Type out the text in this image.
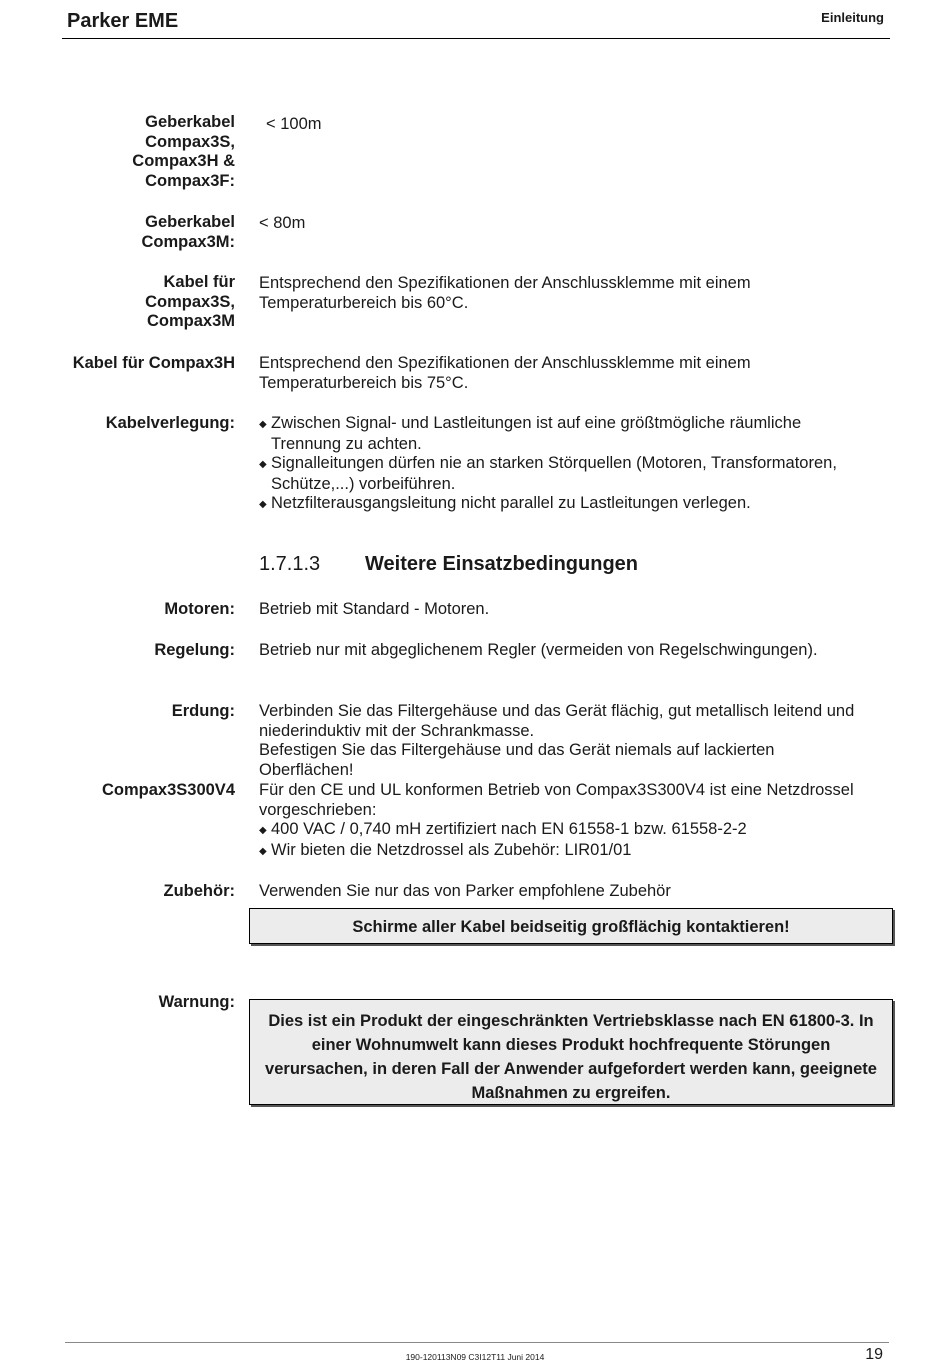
Parker EME	Einleitung
Geberkabel Compax3S, Compax3H & Compax3F:
< 100m
Geberkabel Compax3M:
< 80m
Kabel für Compax3S, Compax3M
Entsprechend den Spezifikationen der Anschlussklemme mit einem Temperaturbereich bis 60°C.
Kabel für Compax3H Entsprechend den Spezifikationen der Anschlussklemme mit einem Temperaturbereich bis 75°C.
Kabelverlegung:
◆	Zwischen Signal- und Lastleitungen ist auf eine größtmögliche räumliche Trennung zu achten.
◆ Signalleitungen dürfen nie an starken Störquellen (Motoren, Transformatoren, Schütze,...) vorbeiführen.
◆ Netzfilterausgangsleitung nicht parallel zu Lastleitungen verlegen.
1.7.1.3 Weitere Einsatzbedingungen
Motoren: Betrieb mit Standard - Motoren.
Regelung: Betrieb nur mit abgeglichenem Regler (vermeiden von Regelschwingungen).
Erdung: Verbinden Sie das Filtergehäuse und das Gerät flächig, gut metallisch leitend und niederinduktiv mit der Schrankmasse.
Befestigen Sie das Filtergehäuse und das Gerät niemals auf lackierten Oberflächen!
Compax3S300V4 Für den CE und UL konformen Betrieb von Compax3S300V4 ist eine Netzdrossel vorgeschrieben:
◆ 400 VAC / 0,740 mH zertifiziert nach EN 61558-1 bzw. 61558-2-2
◆ Wir bieten die Netzdrossel als Zubehör: LIR01/01
Zubehör: Verwenden Sie nur das von Parker empfohlene Zubehör
Schirme aller Kabel beidseitig großflächig kontaktieren!
Warnung:
Dies ist ein Produkt der eingeschränkten Vertriebsklasse nach EN 61800-3. In einer Wohnumwelt kann dieses Produkt hochfrequente Störungen verursachen, in deren Fall der Anwender aufgefordert werden kann, geeignete Maßnahmen zu ergreifen.
190-120113N09 C3I12T11 Juni 2014	19
